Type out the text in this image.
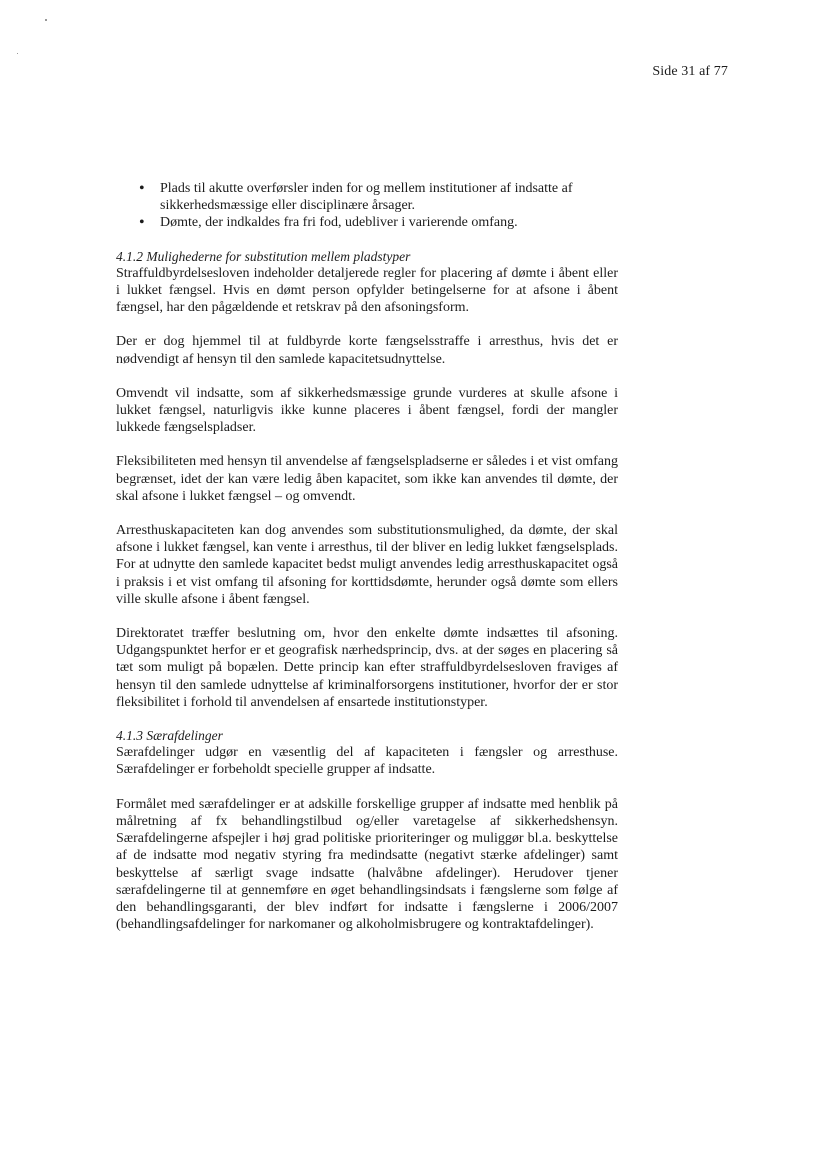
Side 31 af 77
• Plads til akutte overførsler inden for og mellem institutioner af indsatte af sikkerhedsmæssige eller disciplinære årsager.
• Dømte, der indkaldes fra fri fod, udebliver i varierende omfang.
4.1.2 Mulighederne for substitution mellem pladstyper

Straffuldbyrdelsesloven indeholder detaljerede regler for placering af dømte i åbent eller i lukket fængsel. Hvis en dømt person opfylder betingelserne for at afsone i åbent fængsel, har den pågældende et retskrav på den afsoningsform.

Der er dog hjemmel til at fuldbyrde korte fængselsstraffe i arresthus, hvis det er nødvendigt af hensyn til den samlede kapacitetsudnyttelse.

Omvendt vil indsatte, som af sikkerhedsmæssige grunde vurderes at skulle afsone i lukket fængsel, naturligvis ikke kunne placeres i åbent fængsel, fordi der mangler lukkede fængselspladser.

Fleksibiliteten med hensyn til anvendelse af fængselspladserne er således i et vist omfang begrænset, idet der kan være ledig åben kapacitet, som ikke kan anvendes til dømte, der skal afsone i lukket fængsel – og omvendt.

Arresthuskapaciteten kan dog anvendes som substitutionsmulighed, da dømte, der skal afsone i lukket fængsel, kan vente i arresthus, til der bliver en ledig lukket fængselsplads. For at udnytte den samlede kapacitet bedst muligt anvendes ledig arresthuskapacitet også i praksis i et vist omfang til afsoning for korttidsdømte, herunder også dømte som ellers ville skulle afsone i åbent fængsel.

Direktoratet træffer beslutning om, hvor den enkelte dømte indsættes til afsoning. Udgangspunktet herfor er et geografisk nærhedsprincip, dvs. at der søges en placering så tæt som muligt på bopælen. Dette princip kan efter straffuldbyrdelsesloven fraviges af hensyn til den samlede udnyttelse af kriminalforsorgens institutioner, hvorfor der er stor fleksibilitet i forhold til anvendelsen af ensartede institutionstyper.

4.1.3 Særafdelinger

Særafdelinger udgør en væsentlig del af kapaciteten i fængsler og arresthuse. Særafdelinger er forbeholdt specielle grupper af indsatte.

Formålet med særafdelinger er at adskille forskellige grupper af indsatte med henblik på målretning af fx behandlingstilbud og/eller varetagelse af sikkerhedshensyn. Særafdelingerne afspejler i høj grad politiske prioriteringer og muliggør bl.a. beskyttelse af de indsatte mod negativ styring fra medindsatte (negativt stærke afdelinger) samt beskyttelse af særligt svage indsatte (halvåbne afdelinger). Herudover tjener særafdelingerne til at gennemføre en øget behandlingsindsats i fængslerne som følge af den behandlingsgaranti, der blev indført for indsatte i fængslerne i 2006/2007 (behandlingsafdelinger for narkomaner og alkoholmisbrugere og kontraktafdelinger).
